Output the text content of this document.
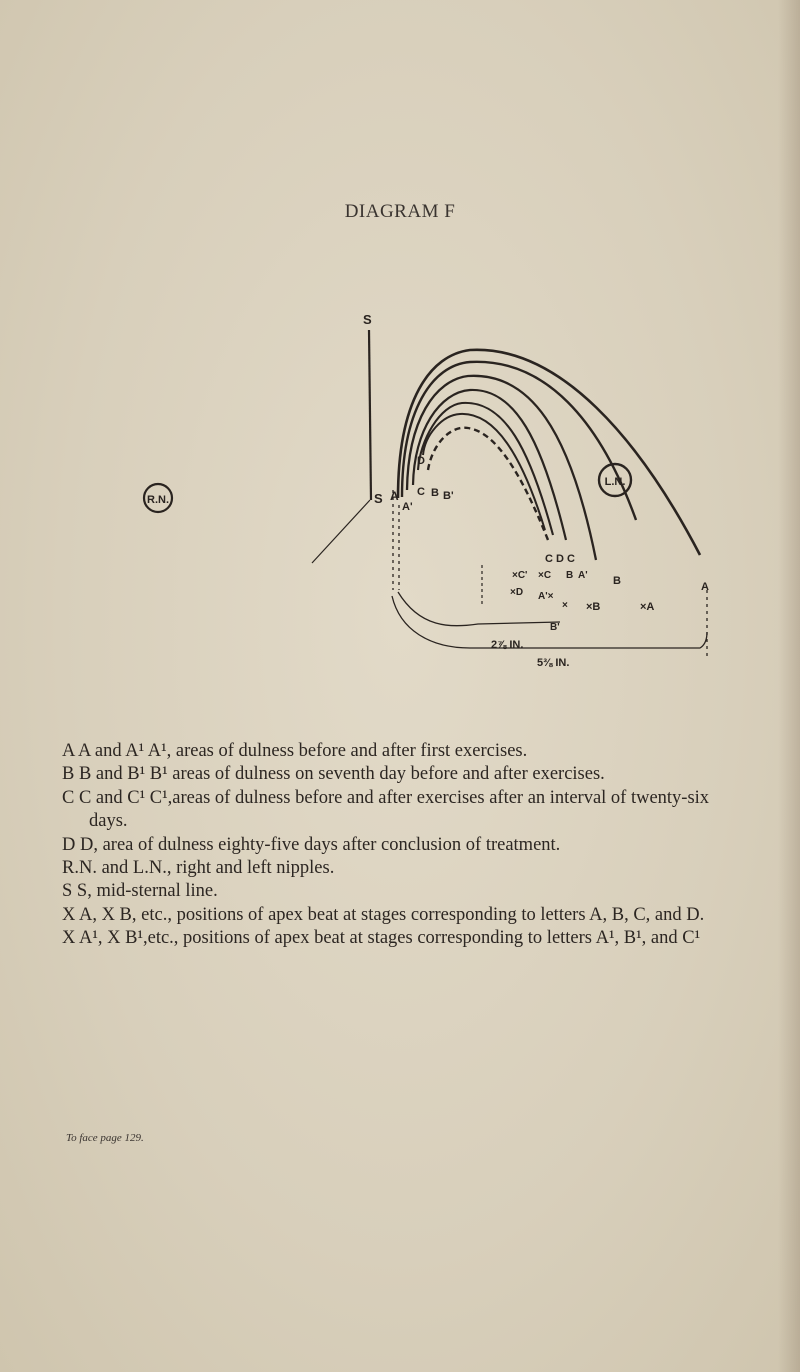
DIAGRAM F
S
S
R.N.
L.N.
A
A'
C B B'
D
C D C
×C' ×C B A' B	A
×D A'×
× ×B	×A
B'
2⅞ IN.
5⅜ IN.
A A and A¹ A¹, areas of dulness before and after first exercises.
B B and B¹ B¹ areas of dulness on seventh day before and after exercises.
C C and C¹ C¹,areas of dulness before and after exercises after an interval of twenty-six days.
D D, area of dulness eighty-five days after conclusion of treatment.
R.N. and L.N., right and left nipples.
S S, mid-sternal line.
X A, X B, etc., positions of apex beat at stages corresponding to letters A, B, C, and D.
X A¹, X B¹,etc., positions of apex beat at stages corresponding to letters A¹, B¹, and C¹
To face page 129.
